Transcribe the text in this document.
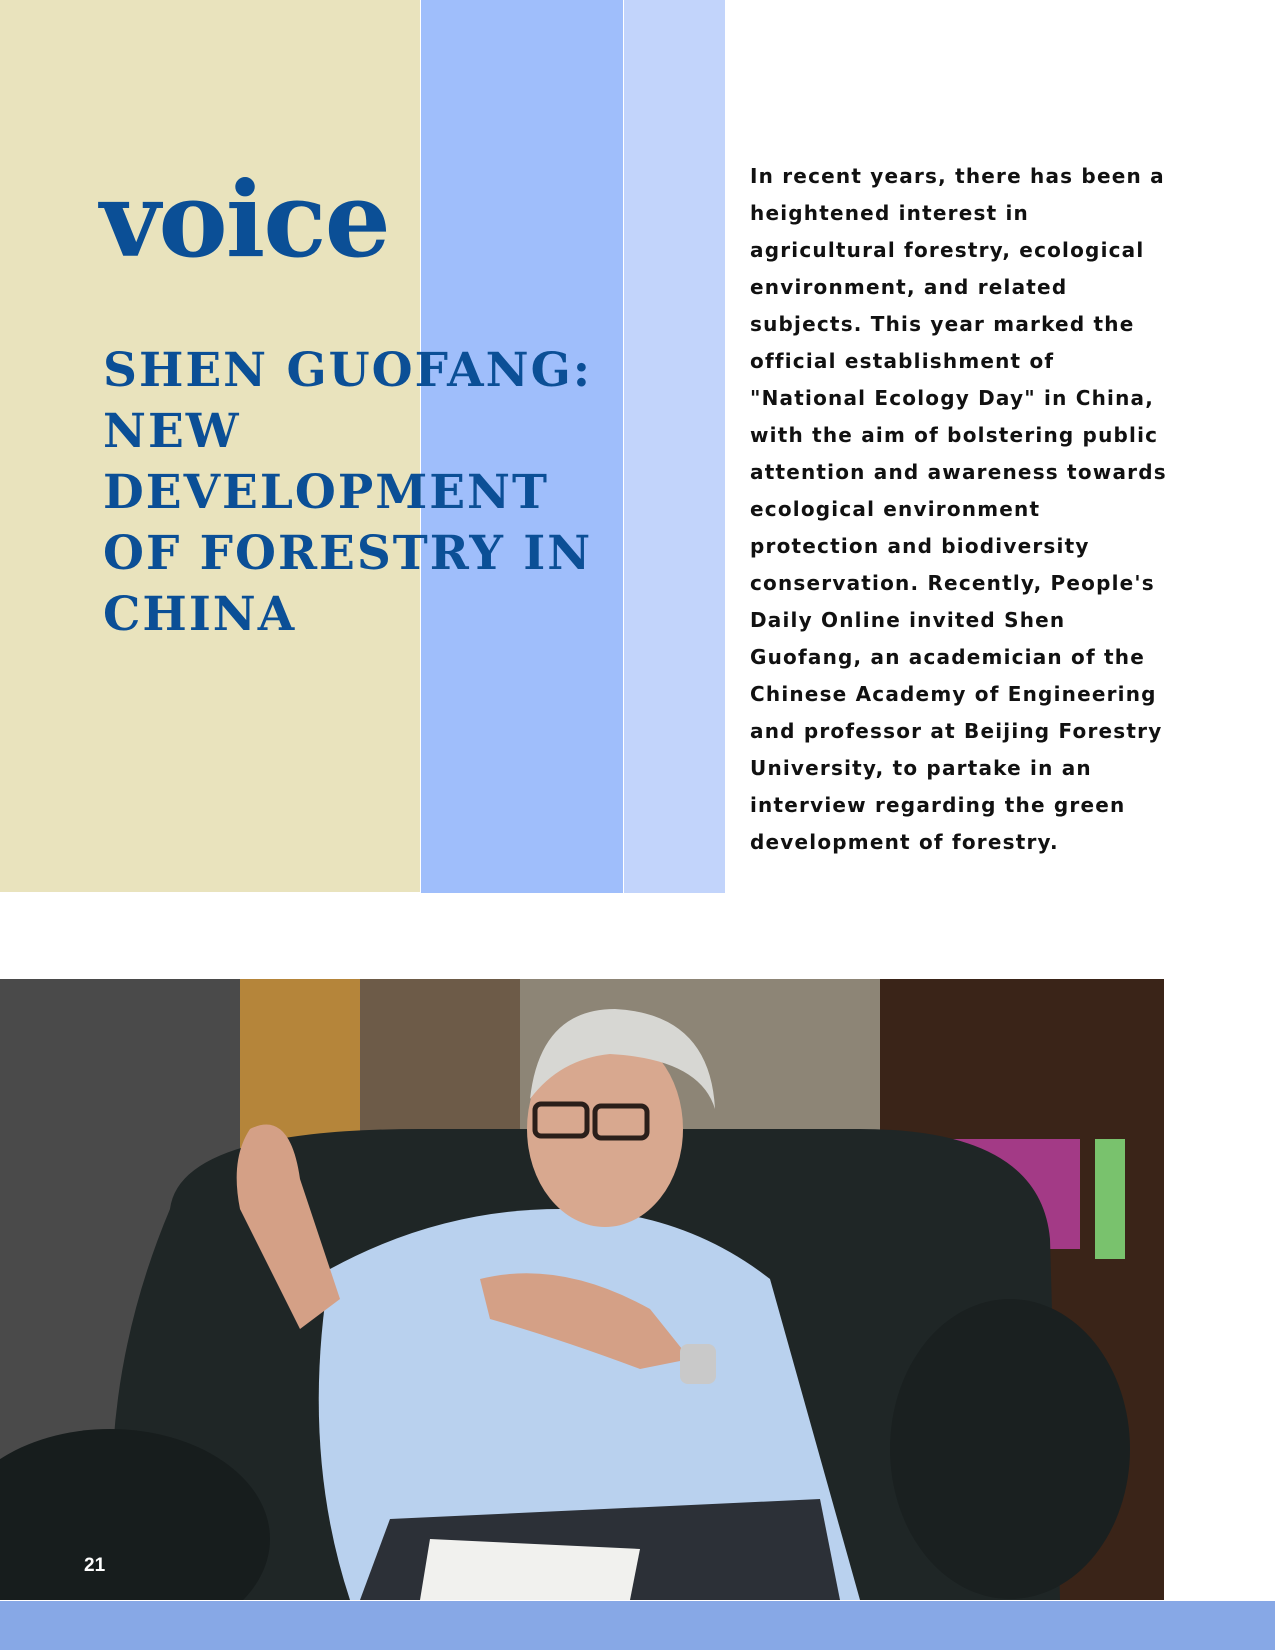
voice
SHEN GUOFANG: NEW DEVELOPMENT OF FORESTRY IN CHINA

In recent years, there has been a heightened interest in agricultural forestry, ecological environment, and related subjects. This year marked the official establishment of "National Ecology Day" in China, with the aim of bolstering public attention and awareness towards ecological environment protection and biodiversity conservation. Recently, People's Daily Online invited Shen Guofang, an academician of the Chinese Academy of Engineering and professor at Beijing Forestry University, to partake in an interview regarding the green development of forestry.

21
